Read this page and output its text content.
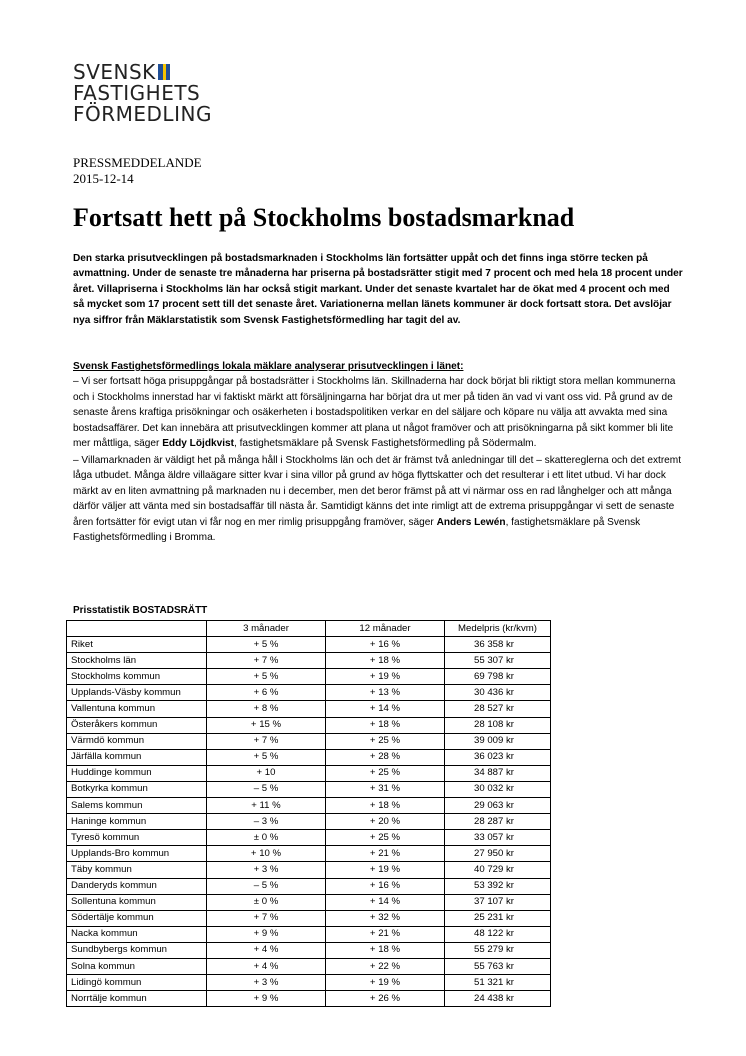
SVENSK
FASTIGHETS
FÖRMEDLING
PRESSMEDDELANDE
2015-12-14
Fortsatt hett på Stockholms bostadsmarknad

Den starka prisutvecklingen på bostadsmarknaden i Stockholms län fortsätter uppåt och det finns inga större tecken på avmattning. Under de senaste tre månaderna har priserna på bostadsrätter stigit med 7 procent och med hela 18 procent under året. Villapriserna i Stockholms län har också stigit markant. Under det senaste kvartalet har de ökat med 4 procent och med så mycket som 17 procent sett till det senaste året. Variationerna mellan länets kommuner är dock fortsatt stora. Det avslöjar nya siffror från Mäklarstatistik som Svensk Fastighetsförmedling har tagit del av.

Svensk Fastighetsförmedlings lokala mäklare analyserar prisutvecklingen i länet:
– Vi ser fortsatt höga prisuppgångar på bostadsrätter i Stockholms län. Skillnaderna har dock börjat bli riktigt stora mellan kommunerna och i Stockholms innerstad har vi faktiskt märkt att försäljningarna har börjat dra ut mer på tiden än vad vi vant oss vid. På grund av de senaste årens kraftiga prisökningar och osäkerheten i bostadspolitiken verkar en del säljare och köpare nu välja att avvakta med sina bostadsaffärer. Det kan innebära att prisutvecklingen kommer att plana ut något framöver och att prisökningarna på sikt kommer bli lite mer måttliga, säger Eddy Löjdkvist, fastighetsmäklare på Svensk Fastighetsförmedling på Södermalm.
– Villamarknaden är väldigt het på många håll i Stockholms län och det är främst två anledningar till det – skattereglerna och det extremt låga utbudet. Många äldre villaägare sitter kvar i sina villor på grund av höga flyttskatter och det resulterar i ett litet utbud. Vi har dock märkt av en liten avmattning på marknaden nu i december, men det beror främst på att vi närmar oss en rad långhelger och att många därför väljer att vänta med sin bostadsaffär till nästa år. Samtidigt känns det inte rimligt att de extrema prisuppgångar vi sett de senaste åren fortsätter för evigt utan vi får nog en mer rimlig prisuppgång framöver, säger Anders Lewén, fastighetsmäklare på Svensk Fastighetsförmedling i Bromma.
Prisstatistik BOSTADSRÄTT
	3 månader	12 månader	Medelpris (kr/kvm)
Riket	+ 5 %	+ 16 %	36 358 kr
Stockholms län	+ 7 %	+ 18 %	55 307 kr
Stockholms kommun	+ 5 %	+ 19 %	69 798 kr
Upplands-Väsby kommun	+ 6 %	+ 13 %	30 436 kr
Vallentuna kommun	+ 8 %	+ 14 %	28 527 kr
Österåkers kommun	+ 15 %	+ 18 %	28 108 kr
Värmdö kommun	+ 7 %	+ 25 %	39 009 kr
Järfälla kommun	+ 5 %	+ 28 %	36 023 kr
Huddinge kommun	+ 10	+ 25 %	34 887 kr
Botkyrka kommun	– 5 %	+ 31 %	30 032 kr
Salems kommun	+ 11 %	+ 18 %	29 063 kr
Haninge kommun	– 3 %	+ 20 %	28 287 kr
Tyresö kommun	± 0 %	+ 25 %	33 057 kr
Upplands-Bro kommun	+ 10 %	+ 21 %	27 950 kr
Täby kommun	+ 3 %	+ 19 %	40 729 kr
Danderyds kommun	– 5 %	+ 16 %	53 392 kr
Sollentuna kommun	± 0 %	+ 14 %	37 107 kr
Södertälje kommun	+ 7 %	+ 32 %	25 231 kr
Nacka kommun	+ 9 %	+ 21 %	48 122 kr
Sundbybergs kommun	+ 4 %	+ 18 %	55 279 kr
Solna kommun	+ 4 %	+ 22 %	55 763 kr
Lidingö kommun	+ 3 %	+ 19 %	51 321 kr
Norrtälje kommun	+ 9 %	+ 26 %	24 438 kr
